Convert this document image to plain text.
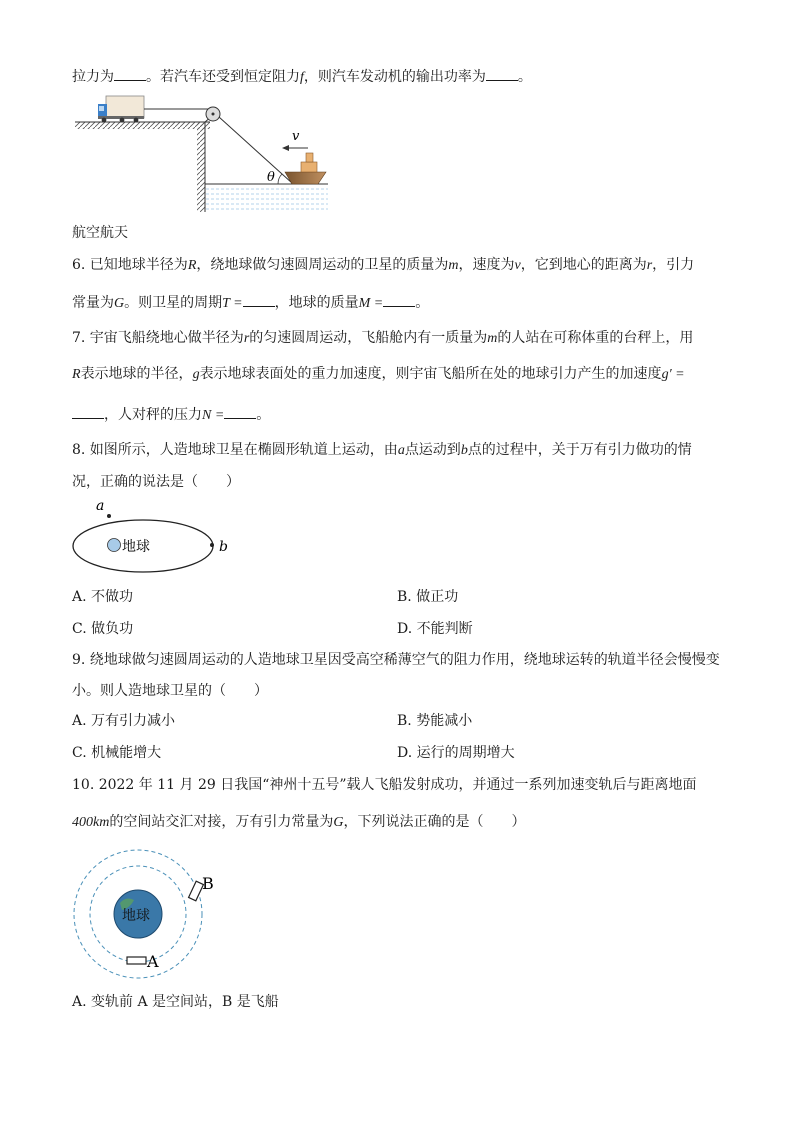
拉力为 。若汽车还受到恒定阻力f，则汽车发动机的输出功率为 。
v
θ
航空航天
6. 已知地球半径为R，绕地球做匀速圆周运动的卫星的质量为m，速度为v，它到地心的距离为r，引力
常量为G。则卫星的周期T = ，地球的质量M = 。
7. 宇宙飞船绕地心做半径为r的匀速圆周运动，飞船舱内有一质量为m的人站在可称体重的台秤上，用
R表示地球的半径，g表示地球表面处的重力加速度，则宇宙飞船所在处的地球引力产生的加速度g′ =
，人对秤的压力N = 。
8. 如图所示，人造地球卫星在椭圆形轨道上运动，由a点运动到b点的过程中，关于万有引力做功的情
况，正确的说法是（　　）
地球
a
b
A. 不做功	B. 做正功
C. 做负功	D. 不能判断
9. 绕地球做匀速圆周运动的人造地球卫星因受高空稀薄空气的阻力作用，绕地球运转的轨道半径会慢慢变
小。则人造地球卫星的（　　）
A. 万有引力减小	B. 势能减小
C. 机械能增大	D. 运行的周期增大
10. 2022 年 11 月 29 日我国“神州十五号”载人飞船发射成功，并通过一系列加速变轨后与距离地面
400km的空间站交汇对接，万有引力常量为G，下列说法正确的是（　　）
地球
B
A
A. 变轨前 A 是空间站，B 是飞船
